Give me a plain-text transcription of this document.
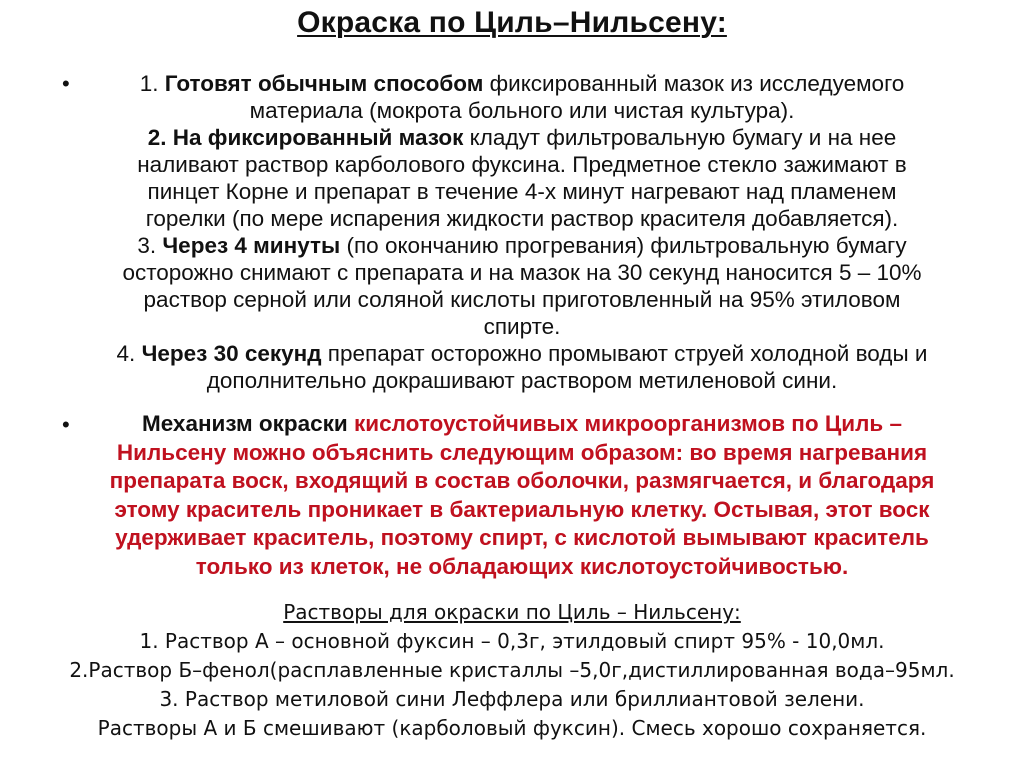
Окраска по Циль–Нильсену:
•	1. Готовят обычным способом фиксированный мазок из исследуемого
материала (мокрота больного или чистая культура).
2. На фиксированный мазок кладут фильтровальную бумагу и на нее
наливают раствор карболового фуксина. Предметное стекло зажимают в
пинцет Корне и препарат в течение 4-х минут нагревают над пламенем
горелки (по мере испарения жидкости раствор красителя добавляется).
3. Через 4 минуты (по окончанию прогревания) фильтровальную бумагу
осторожно снимают с препарата и на мазок на 30 секунд наносится 5 – 10%
раствор серной или соляной кислоты приготовленный на 95% этиловом
спирте.
4. Через 30 секунд препарат осторожно промывают струей холодной воды и
дополнительно докрашивают раствором метиленовой сини.
•	Механизм окраски кислотоустойчивых микроорганизмов по Циль –
Нильсену можно объяснить следующим образом: во время нагревания
препарата воск, входящий в состав оболочки, размягчается, и благодаря
этому краситель проникает в бактериальную клетку. Остывая, этот воск
удерживает краситель, поэтому спирт, с кислотой вымывают краситель
только из клеток, не обладающих кислотоустойчивостью.
Растворы для окраски по Циль – Нильсену:
1. Раствор А – основной фуксин – 0,3г, этилдовый спирт 95% - 10,0мл.
2.Раствор Б–фенол(расплавленные кристаллы –5,0г,дистиллированная вода–95мл.
3. Раствор метиловой сини Леффлера или бриллиантовой зелени.
Растворы А и Б смешивают (карболовый фуксин). Смесь хорошо сохраняется.
